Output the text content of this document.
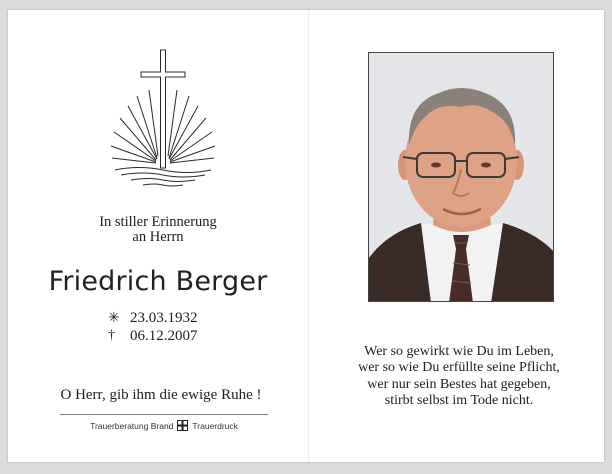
In stiller Erinnerung
an Herrn
Friedrich Berger
✳ 23.03.1932
†	06.12.2007
O Herr, gib ihm die ewige Ruhe !
Trauerberatung Brand Trauerdruck
Wer so gewirkt wie Du im Leben,
wer so wie Du erfüllte seine Pflicht,
wer nur sein Bestes hat gegeben,
stirbt selbst im Tode nicht.
